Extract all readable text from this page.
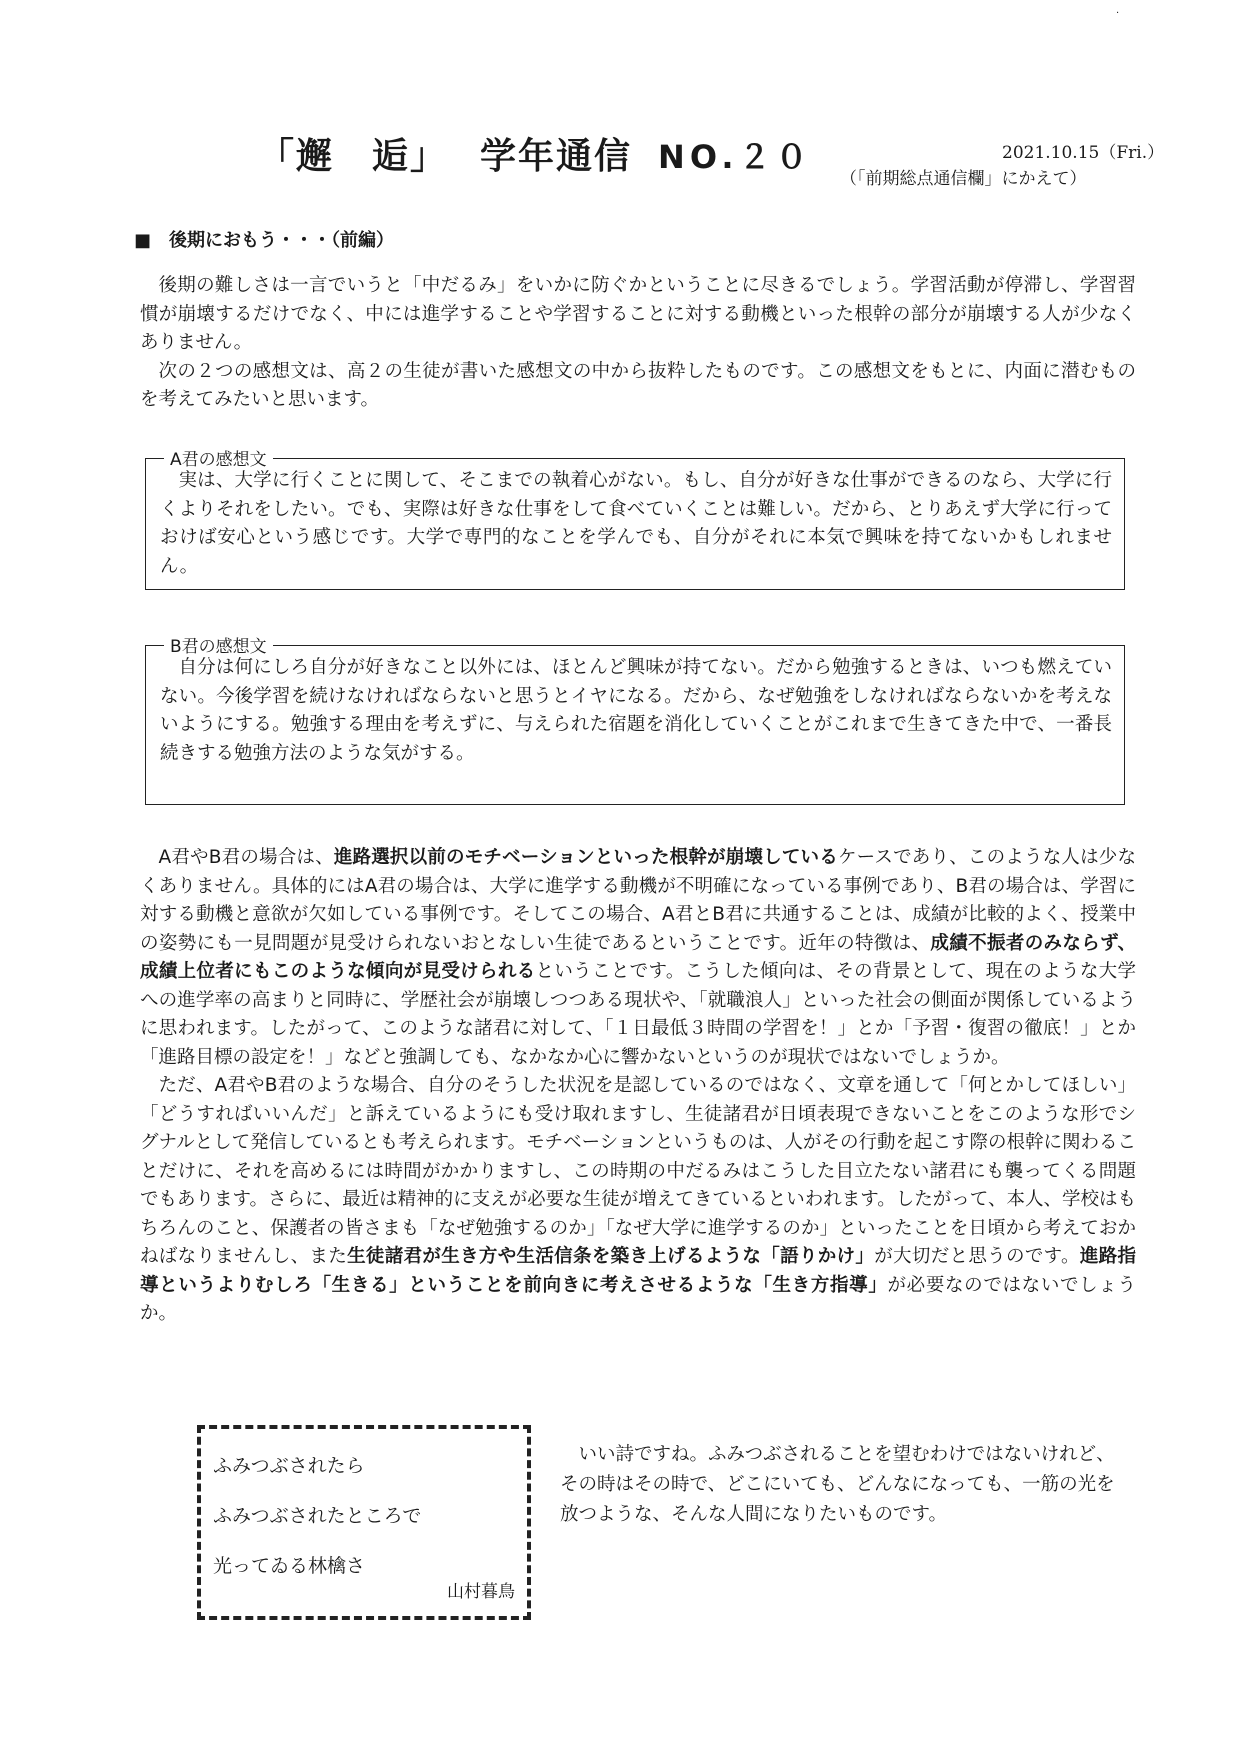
·
「邂　逅」 学年通信 NO.２０	2021.10.15（Fri.）
（「前期総点通信欄」にかえて）
■　後期におもう・・・（前編）

後期の難しさは一言でいうと「中だるみ」をいかに防ぐかということに尽きるでしょう。学習活動が停滞し、学習習慣が崩壊するだけでなく、中には進学することや学習することに対する動機といった根幹の部分が崩壊する人が少なくありません。

次の２つの感想文は、高２の生徒が書いた感想文の中から抜粋したものです。この感想文をもとに、内面に潜むものを考えてみたいと思います。

A君の感想文

実は、大学に行くことに関して、そこまでの執着心がない。もし、自分が好きな仕事ができるのなら、大学に行くよりそれをしたい。でも、実際は好きな仕事をして食べていくことは難しい。だから、とりあえず大学に行っておけば安心という感じです。大学で専門的なことを学んでも、自分がそれに本気で興味を持てないかもしれません。

B君の感想文

自分は何にしろ自分が好きなこと以外には、ほとんど興味が持てない。だから勉強するときは、いつも燃えていない。今後学習を続けなければならないと思うとイヤになる。だから、なぜ勉強をしなければならないかを考えないようにする。勉強する理由を考えずに、与えられた宿題を消化していくことがこれまで生きてきた中で、一番長続きする勉強方法のような気がする。

A君やB君の場合は、進路選択以前のモチベーションといった根幹が崩壊しているケースであり、このような人は少なくありません。具体的にはA君の場合は、大学に進学する動機が不明確になっている事例であり、B君の場合は、学習に対する動機と意欲が欠如している事例です。そしてこの場合、A君とB君に共通することは、成績が比較的よく、授業中の姿勢にも一見問題が見受けられないおとなしい生徒であるということです。近年の特徴は、成績不振者のみならず、成績上位者にもこのような傾向が見受けられるということです。こうした傾向は、その背景として、現在のような大学への進学率の高まりと同時に、学歴社会が崩壊しつつある現状や、「就職浪人」といった社会の側面が関係しているように思われます。したがって、このような諸君に対して、「１日最低３時間の学習を！」とか「予習・復習の徹底！」とか「進路目標の設定を！」などと強調しても、なかなか心に響かないというのが現状ではないでしょうか。

ただ、A君やB君のような場合、自分のそうした状況を是認しているのではなく、文章を通して「何とかしてほしい」「どうすればいいんだ」と訴えているようにも受け取れますし、生徒諸君が日頃表現できないことをこのような形でシグナルとして発信しているとも考えられます。モチベーションというものは、人がその行動を起こす際の根幹に関わることだけに、それを高めるには時間がかかりますし、この時期の中だるみはこうした目立たない諸君にも襲ってくる問題でもあります。さらに、最近は精神的に支えが必要な生徒が増えてきているといわれます。したがって、本人、学校はもちろんのこと、保護者の皆さまも「なぜ勉強するのか」「なぜ大学に進学するのか」といったことを日頃から考えておかねばなりませんし、また生徒諸君が生き方や生活信条を築き上げるような「語りかけ」が大切だと思うのです。進路指導というよりむしろ「生きる」ということを前向きに考えさせるような「生き方指導」が必要なのではないでしょうか。

ふみつぶされたら
ふみつぶされたところで
光ってゐる林檎さ
山村暮鳥

いい詩ですね。ふみつぶされることを望むわけではないけれど、その時はその時で、どこにいても、どんなになっても、一筋の光を放つような、そんな人間になりたいものです。
